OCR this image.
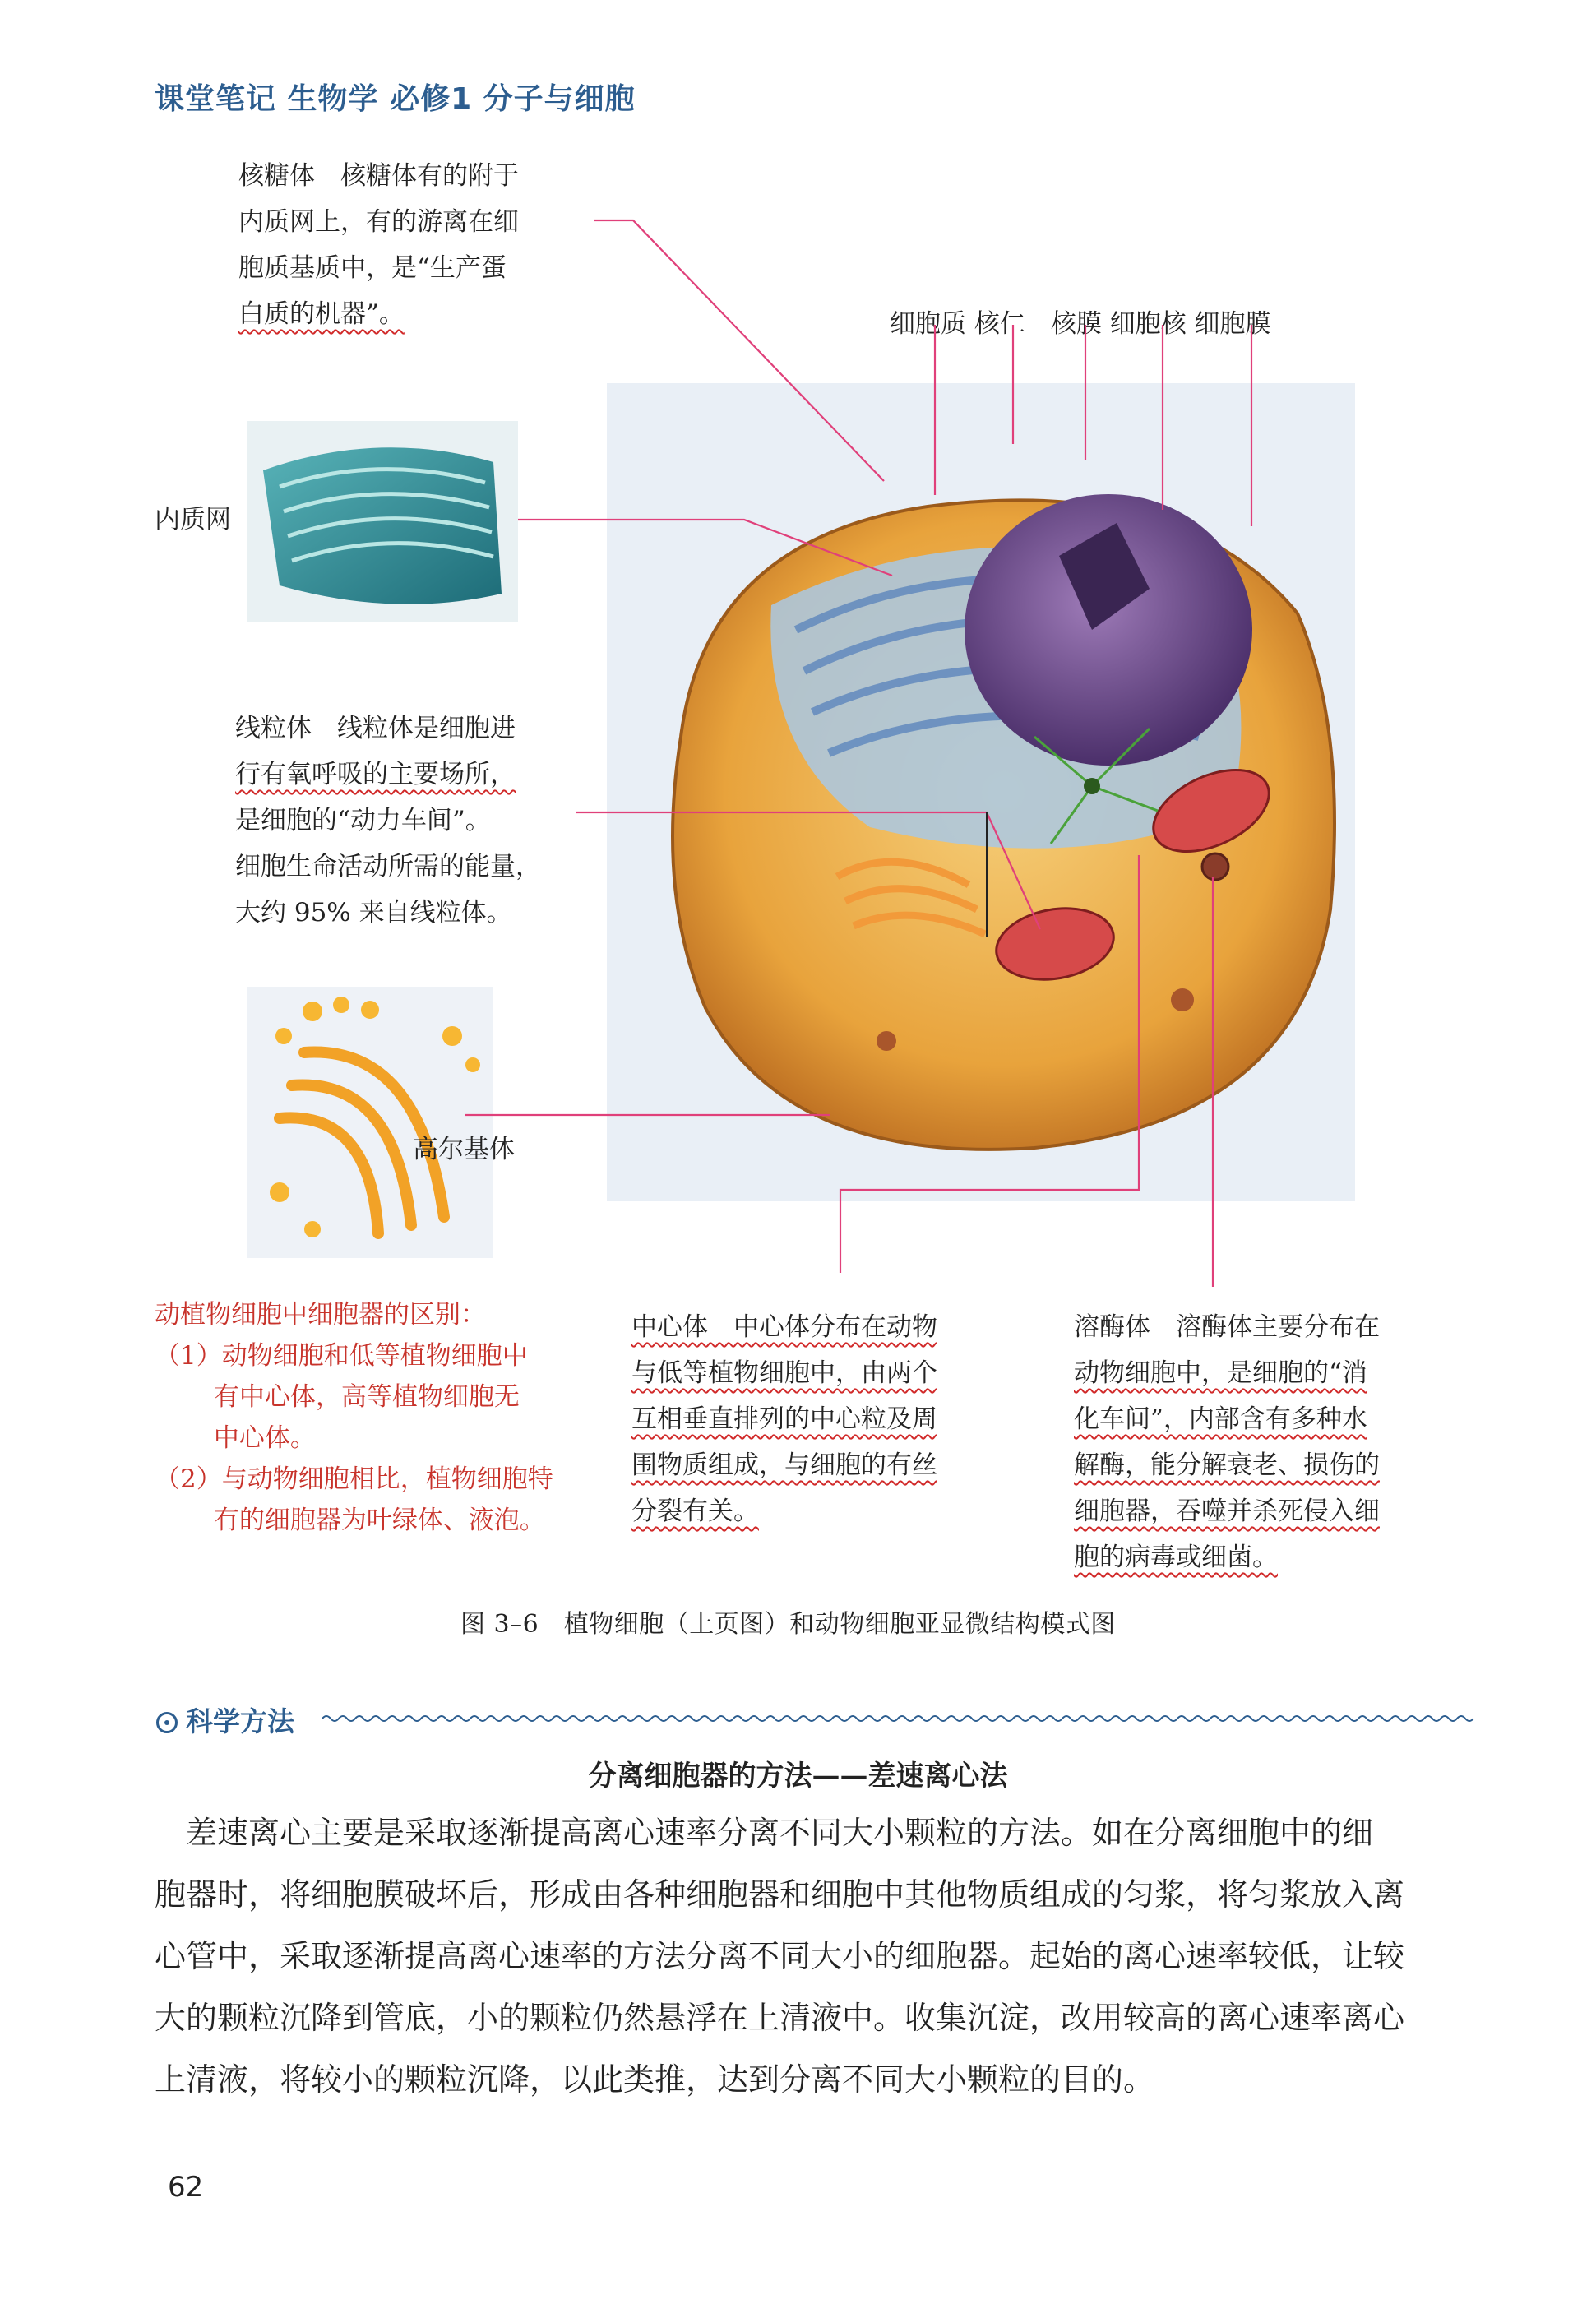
课堂笔记 生物学 必修1 分子与细胞
核糖体　核糖体有的附于
内质网上，有的游离在细
胞质基质中，是“生产蛋
白质的机器”。	细胞质 核仁　核膜 细胞核 细胞膜
内质网
线粒体　线粒体是细胞进
行有氧呼吸的主要场所，
是细胞的“动力车间”。
细胞生命活动所需的能量，
大约 95% 来自线粒体。
高尔基体
动植物细胞中细胞器的区别：
（1）动物细胞和低等植物细胞中
　　 有中心体，高等植物细胞无
　　 中心体。
（2）与动物细胞相比，植物细胞特
　　 有的细胞器为叶绿体、液泡。
中心体　中心体分布在动物
与低等植物细胞中，由两个
互相垂直排列的中心粒及周
围物质组成，与细胞的有丝
分裂有关。
溶酶体　溶酶体主要分布在
动物细胞中，是细胞的“消
化车间”，内部含有多种水
解酶，能分解衰老、损伤的
细胞器，吞噬并杀死侵入细
胞的病毒或细菌。
图 3–6　植物细胞（上页图）和动物细胞亚显微结构模式图
科学方法
分离细胞器的方法——差速离心法
　差速离心主要是采取逐渐提高离心速率分离不同大小颗粒的方法。如在分离细胞中的细
胞器时，将细胞膜破坏后，形成由各种细胞器和细胞中其他物质组成的匀浆，将匀浆放入离
心管中，采取逐渐提高离心速率的方法分离不同大小的细胞器。起始的离心速率较低，让较
大的颗粒沉降到管底，小的颗粒仍然悬浮在上清液中。收集沉淀，改用较高的离心速率离心
上清液，将较小的颗粒沉降，以此类推，达到分离不同大小颗粒的目的。
62
